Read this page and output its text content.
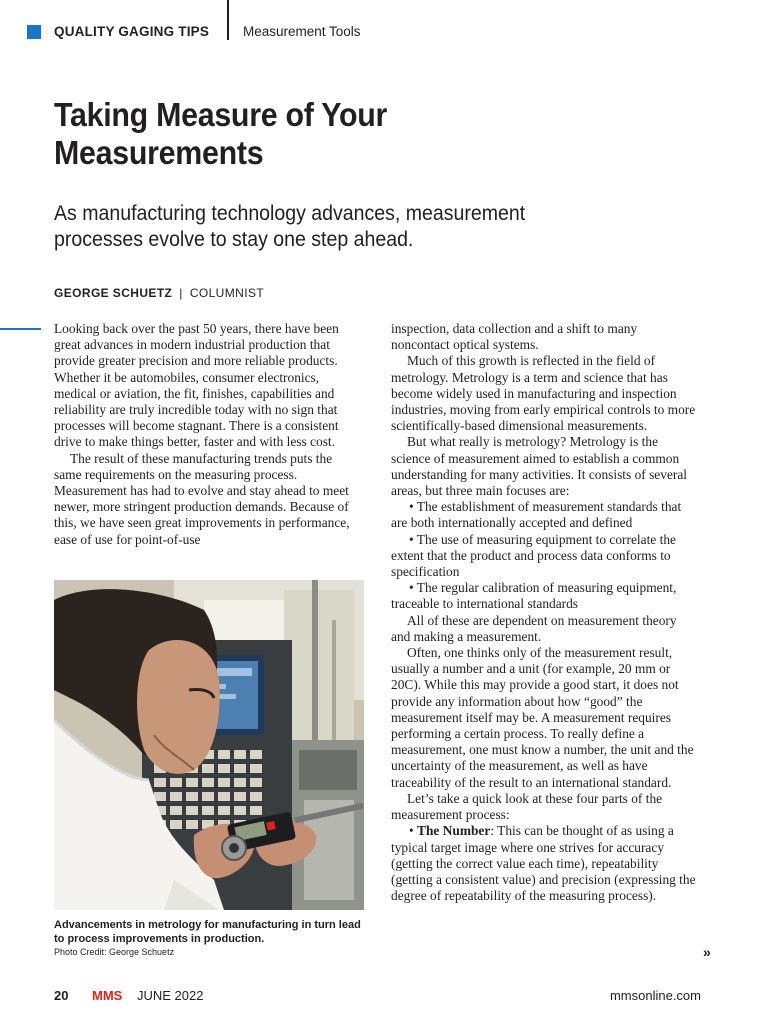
QUALITY GAGING TIPS	Measurement Tools
Taking Measure of Your Measurements
As manufacturing technology advances, measurement processes evolve to stay one step ahead.
GEORGE SCHUETZ | COLUMNIST

Looking back over the past 50 years, there have been great advances in modern industrial production that provide greater precision and more reliable products. Whether it be automobiles, consumer electronics, medical or aviation, the fit, finishes, capabilities and reliability are truly incredible today with no sign that processes will become stagnant. There is a consistent drive to make things better, faster and with less cost.

The result of these manufacturing trends puts the same requirements on the measuring process. Measurement has had to evolve and stay ahead to meet newer, more stringent production demands. Because of this, we have seen great improvements in performance, ease of use for point-of-use

Advancements in metrology for manufacturing in turn lead to process improvements in production.
Photo Credit: George Schuetz

inspection, data collection and a shift to many noncontact optical systems.

Much of this growth is reflected in the field of metrology. Metrology is a term and science that has become widely used in manufacturing and inspection industries, moving from early empirical controls to more scientifically-based dimensional measurements.

But what really is metrology? Metrology is the science of measurement aimed to establish a common understanding for many activities. It consists of several areas, but three main focuses are:

• The establishment of measurement standards that are both internationally accepted and defined

• The use of measuring equipment to correlate the extent that the product and process data conforms to specification

• The regular calibration of measuring equipment, traceable to international standards

All of these are dependent on measurement theory and making a measurement.

Often, one thinks only of the measurement result, usually a number and a unit (for example, 20 mm or 20C). While this may provide a good start, it does not provide any information about how “good” the measurement itself may be. A measurement requires performing a certain process. To really define a measurement, one must know a number, the unit and the uncertainty of the measurement, as well as have traceability of the result to an international standard.

Let’s take a quick look at these four parts of the measurement process:

• The Number: This can be thought of as using a typical target image where one strives for accuracy (getting the correct value each time), repeatability (getting a consistent value) and precision (expressing the degree of repeatability of the measuring process).

»
20 MMS JUNE 2022	mmsonline.com
